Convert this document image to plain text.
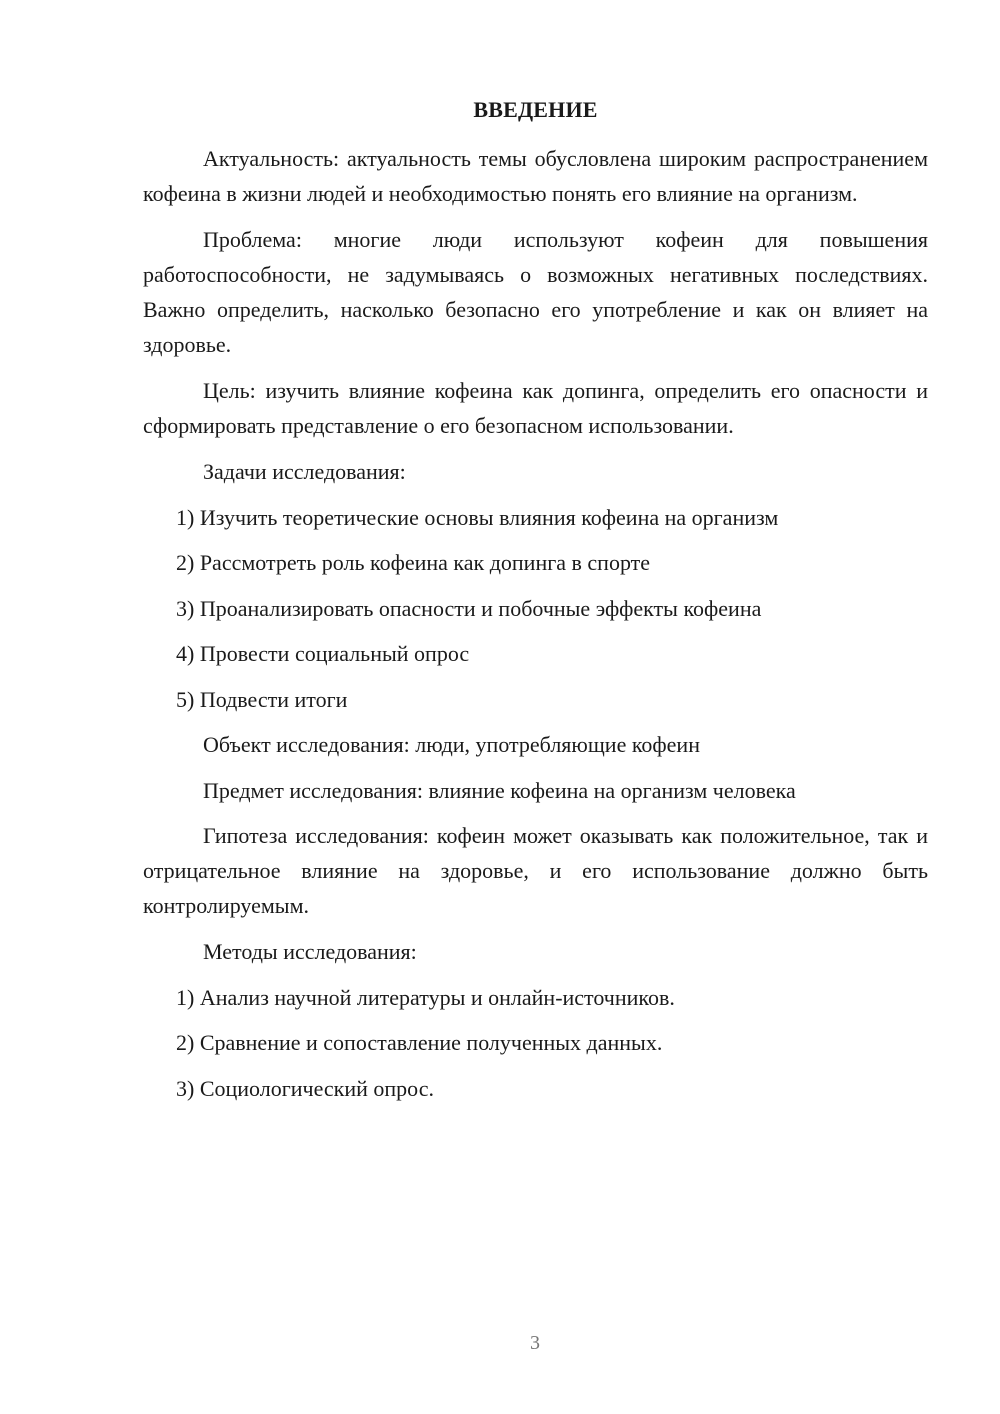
ВВЕДЕНИЕ

Актуальность: актуальность темы обусловлена широким распространением кофеина в жизни людей и необходимостью понять его влияние на организм.

Проблема: многие люди используют кофеин для повышения работоспособности, не задумываясь о возможных негативных последствиях. Важно определить, насколько безопасно его употребление и как он влияет на здоровье.

Цель: изучить влияние кофеина как допинга, определить его опасности и сформировать представление о его безопасном использовании.

Задачи исследования:
1) Изучить теоретические основы влияния кофеина на организм
2) Рассмотреть роль кофеина как допинга в спорте
3) Проанализировать опасности и побочные эффекты кофеина
4) Провести социальный опрос
5) Подвести итоги
Объект исследования: люди, употребляющие кофеин
Предмет исследования: влияние кофеина на организм человека

Гипотеза исследования: кофеин может оказывать как положительное, так и отрицательное влияние на здоровье, и его использование должно быть контролируемым.

Методы исследования:
1) Анализ научной литературы и онлайн-источников.
2) Сравнение и сопоставление полученных данных.
3) Социологический опрос.
3
